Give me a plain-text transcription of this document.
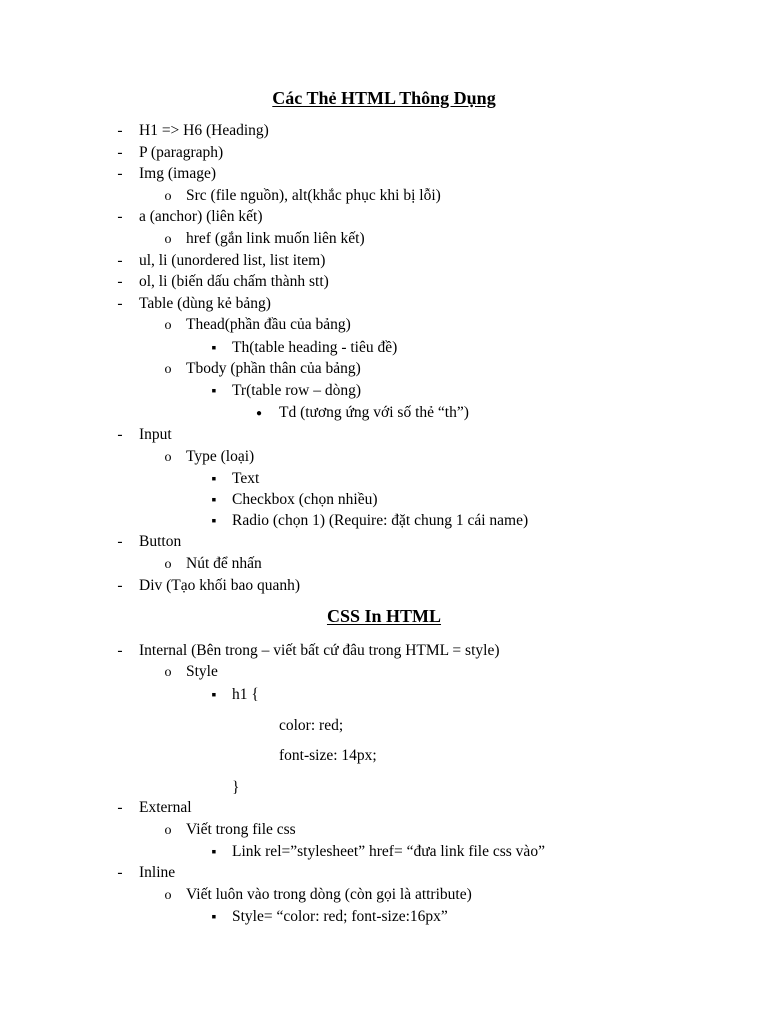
Các Thẻ HTML Thông Dụng
-
H1 => H6 (Heading)
-
P (paragraph)
-
Img (image)
o
Src (file nguồn), alt(khắc phục khi bị lỗi)
-
a (anchor) (liên kết)
o
href (gắn link muốn liên kết)
-
ul, li (unordered list, list item)
-
ol, li (biến dấu chấm thành stt)
-
Table (dùng kẻ bảng)
o
Thead(phần đầu của bảng)
▪
Th(table heading - tiêu đề)
o
Tbody (phần thân của bảng)
▪
Tr(table row – dòng)
●
Td (tương ứng với số thẻ “th”)
-
Input
o
Type (loại)
▪
Text
▪
Checkbox (chọn nhiều)
▪
Radio (chọn 1) (Require: đặt chung 1 cái name)
-
Button
o
Nút để nhấn
-
Div (Tạo khối bao quanh)
CSS In HTML
-
Internal (Bên trong – viết bất cứ đâu trong HTML = style)
o
Style
▪
h1 {
color: red;
font-size: 14px;
}
-
External
o
Viết trong file css
▪
Link rel=”stylesheet” href= “đưa link file css vào”
-
Inline
o
Viết luôn vào trong dòng (còn gọi là attribute)
▪
Style= “color: red; font-size:16px”
